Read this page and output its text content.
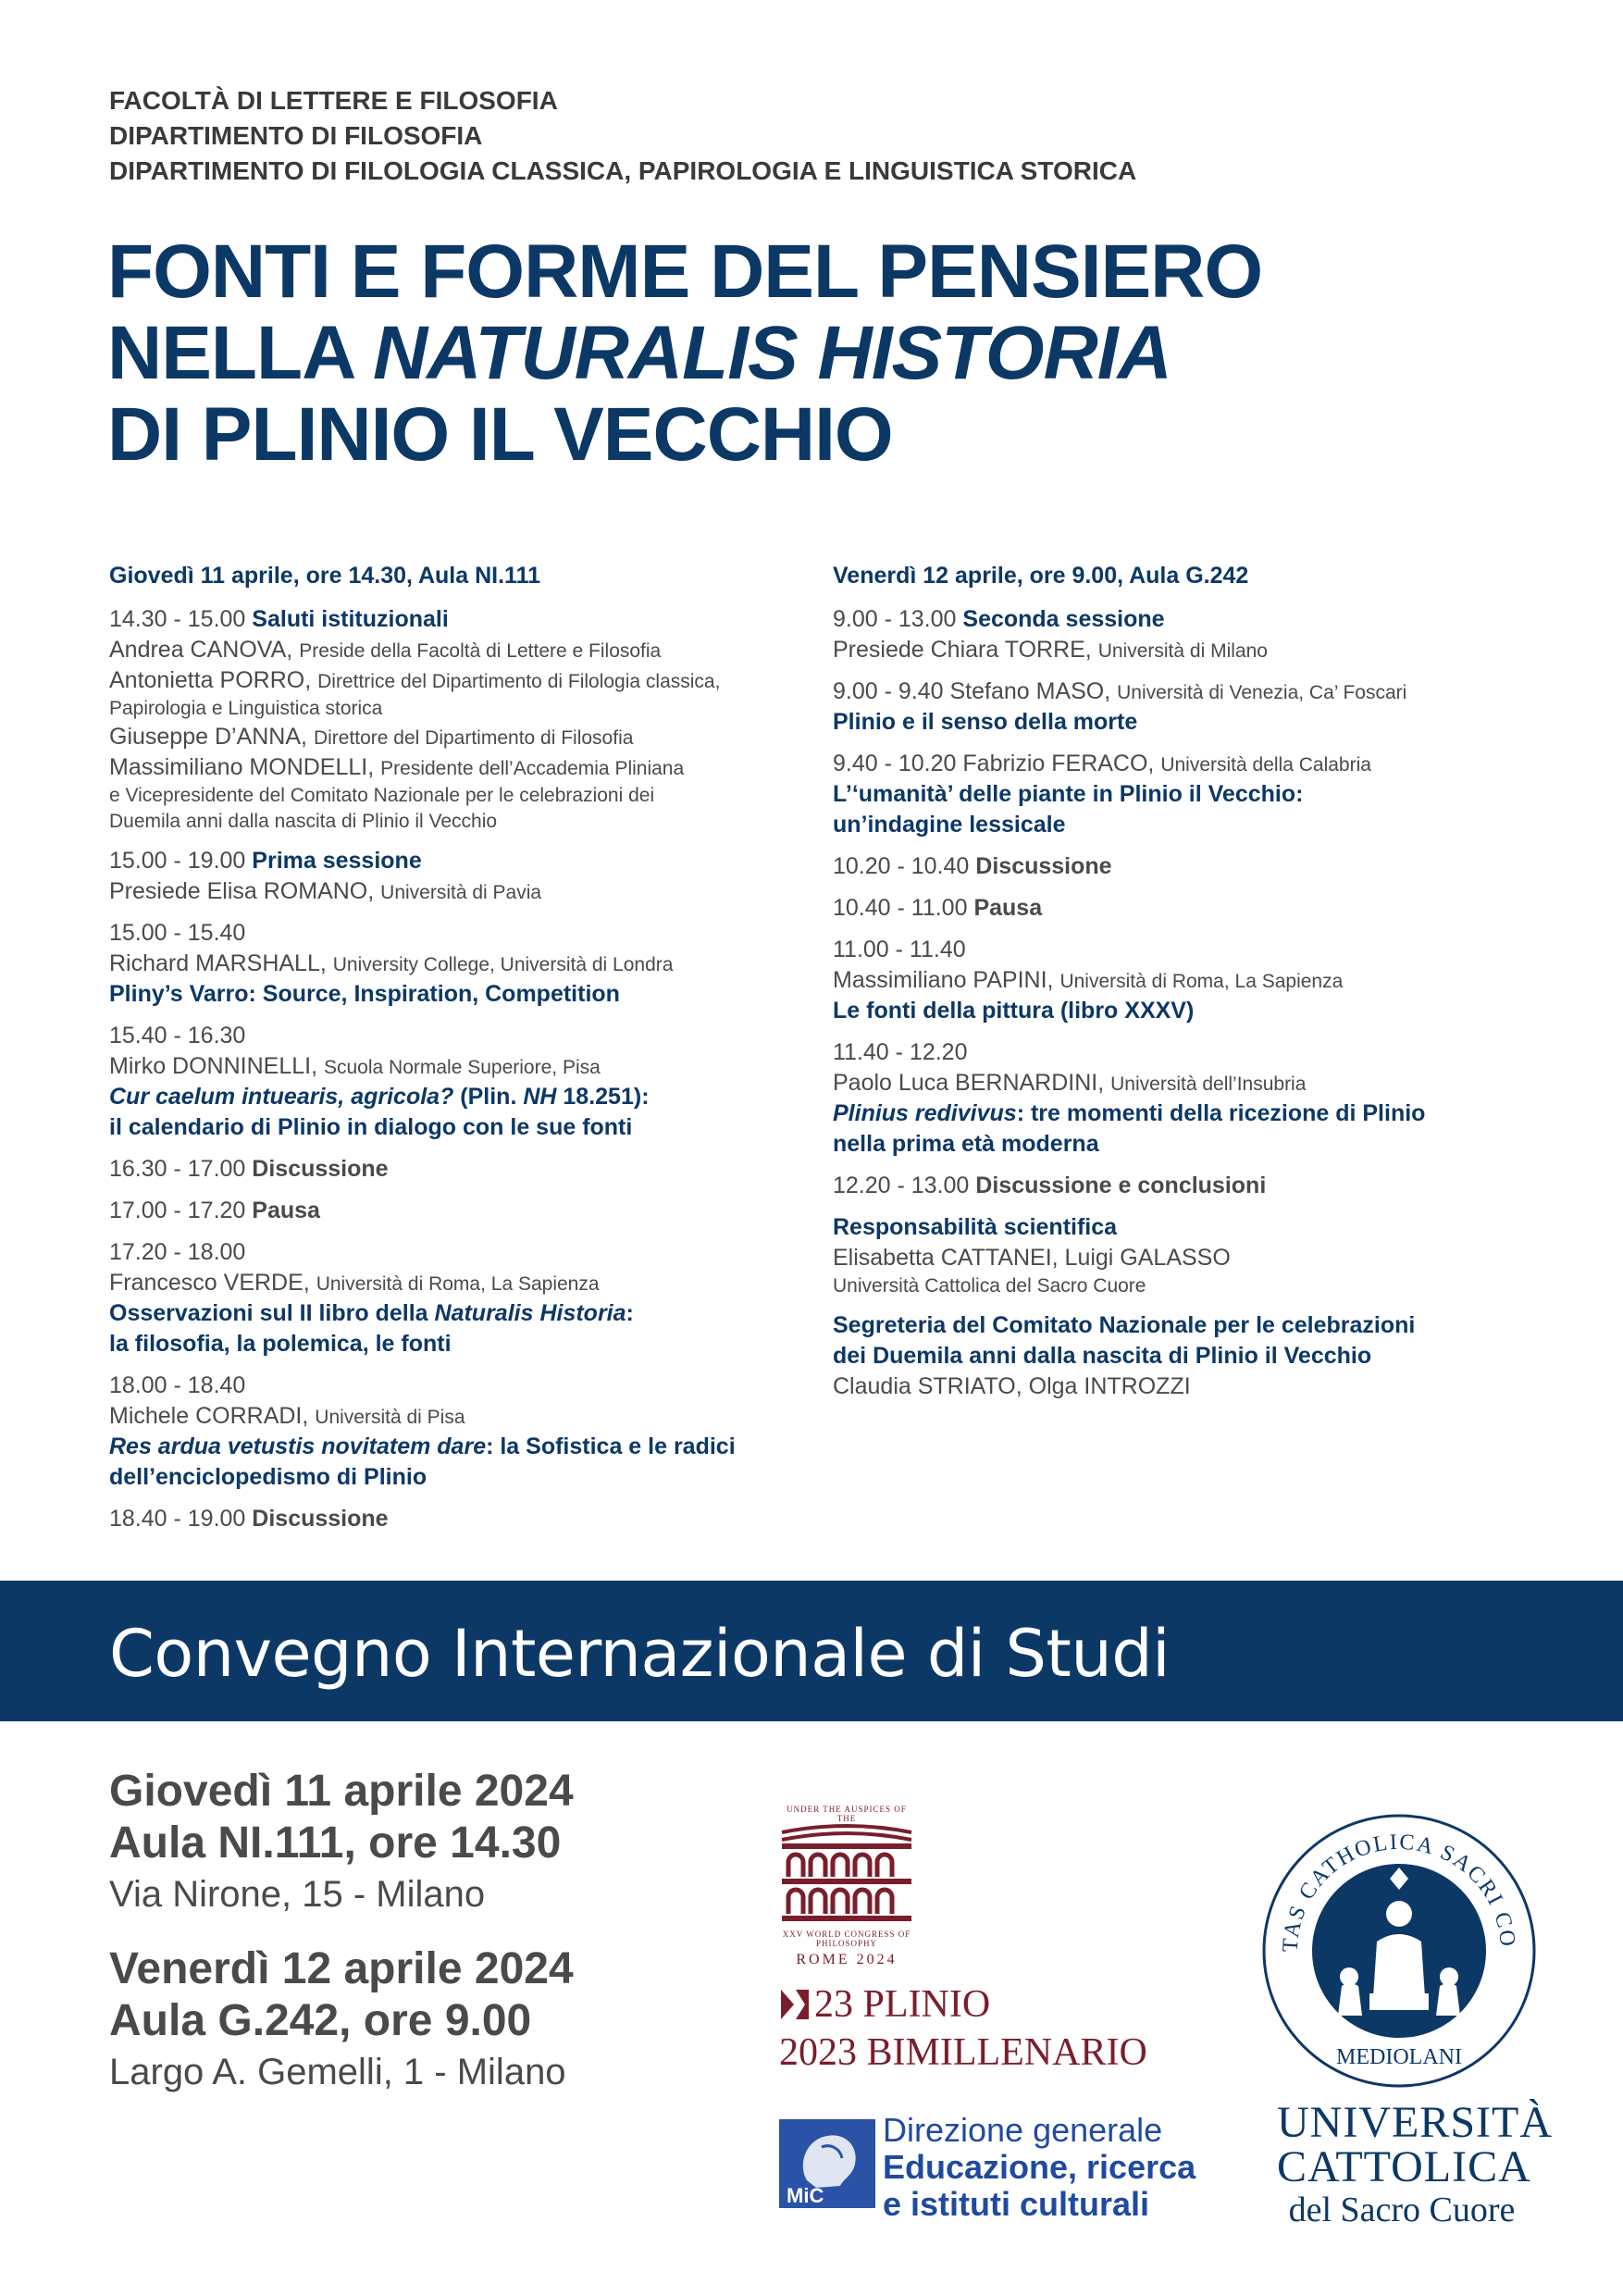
FACOLTÀ DI LETTERE E FILOSOFIA
DIPARTIMENTO DI FILOSOFIA
DIPARTIMENTO DI FILOLOGIA CLASSICA, PAPIROLOGIA E LINGUISTICA STORICA
FONTI E FORME DEL PENSIERO
NELLA NATURALIS HISTORIA
DI PLINIO IL VECCHIO
Giovedì 11 aprile, ore 14.30, Aula NI.111
14.30 - 15.00 Saluti istituzionali
Andrea CANOVA, Preside della Facoltà di Lettere e Filosofia
Antonietta PORRO, Direttrice del Dipartimento di Filologia classica,
Papirologia e Linguistica storica
Giuseppe D’ANNA, Direttore del Dipartimento di Filosofia
Massimiliano MONDELLI, Presidente dell’Accademia Pliniana
e Vicepresidente del Comitato Nazionale per le celebrazioni dei
Duemila anni dalla nascita di Plinio il Vecchio
15.00 - 19.00 Prima sessione
Presiede Elisa ROMANO, Università di Pavia
15.00 - 15.40
Richard MARSHALL, University College, Università di Londra
Pliny’s Varro: Source, Inspiration, Competition
15.40 - 16.30
Mirko DONNINELLI, Scuola Normale Superiore, Pisa
Cur caelum intuearis, agricola? (Plin. NH 18.251):
il calendario di Plinio in dialogo con le sue fonti
16.30 - 17.00 Discussione
17.00 - 17.20 Pausa
17.20 - 18.00
Francesco VERDE, Università di Roma, La Sapienza
Osservazioni sul II libro della Naturalis Historia:
la filosofia, la polemica, le fonti
18.00 - 18.40
Michele CORRADI, Università di Pisa
Res ardua vetustis novitatem dare: la Sofistica e le radici
dell’enciclopedismo di Plinio
18.40 - 19.00 Discussione
Venerdì 12 aprile, ore 9.00, Aula G.242
9.00 - 13.00 Seconda sessione
Presiede Chiara TORRE, Università di Milano
9.00 - 9.40 Stefano MASO, Università di Venezia, Ca’ Foscari
Plinio e il senso della morte
9.40 - 10.20 Fabrizio FERACO, Università della Calabria
L’‘umanità’ delle piante in Plinio il Vecchio:
un’indagine lessicale
10.20 - 10.40 Discussione
10.40 - 11.00 Pausa
11.00 - 11.40
Massimiliano PAPINI, Università di Roma, La Sapienza
Le fonti della pittura (libro XXXV)
11.40 - 12.20
Paolo Luca BERNARDINI, Università dell’Insubria
Plinius redivivus: tre momenti della ricezione di Plinio
nella prima età moderna
12.20 - 13.00 Discussione e conclusioni
Responsabilità scientifica
Elisabetta CATTANEI, Luigi GALASSO
Università Cattolica del Sacro Cuore
Segreteria del Comitato Nazionale per le celebrazioni
dei Duemila anni dalla nascita di Plinio il Vecchio
Claudia STRIATO, Olga INTROZZI
Convegno Internazionale di Studi
Giovedì 11 aprile 2024
Aula NI.111, ore 14.30
Via Nirone, 15 - Milano
Venerdì 12 aprile 2024
Aula G.242, ore 9.00
Largo A. Gemelli, 1 - Milano
UNDER THE AUSPICES OF THE
XXV WORLD CONGRESS OF PHILOSOPHY
ROME 2024
23 PLINIO
2023 BIMILLENARIO
MiC
Direzione generale
Educazione, ricerca
e istituti culturali
TAS CATHOLICA SACRI CO
MEDIOLANI
UNIVERSITÀ
CATTOLICA
del Sacro Cuore
